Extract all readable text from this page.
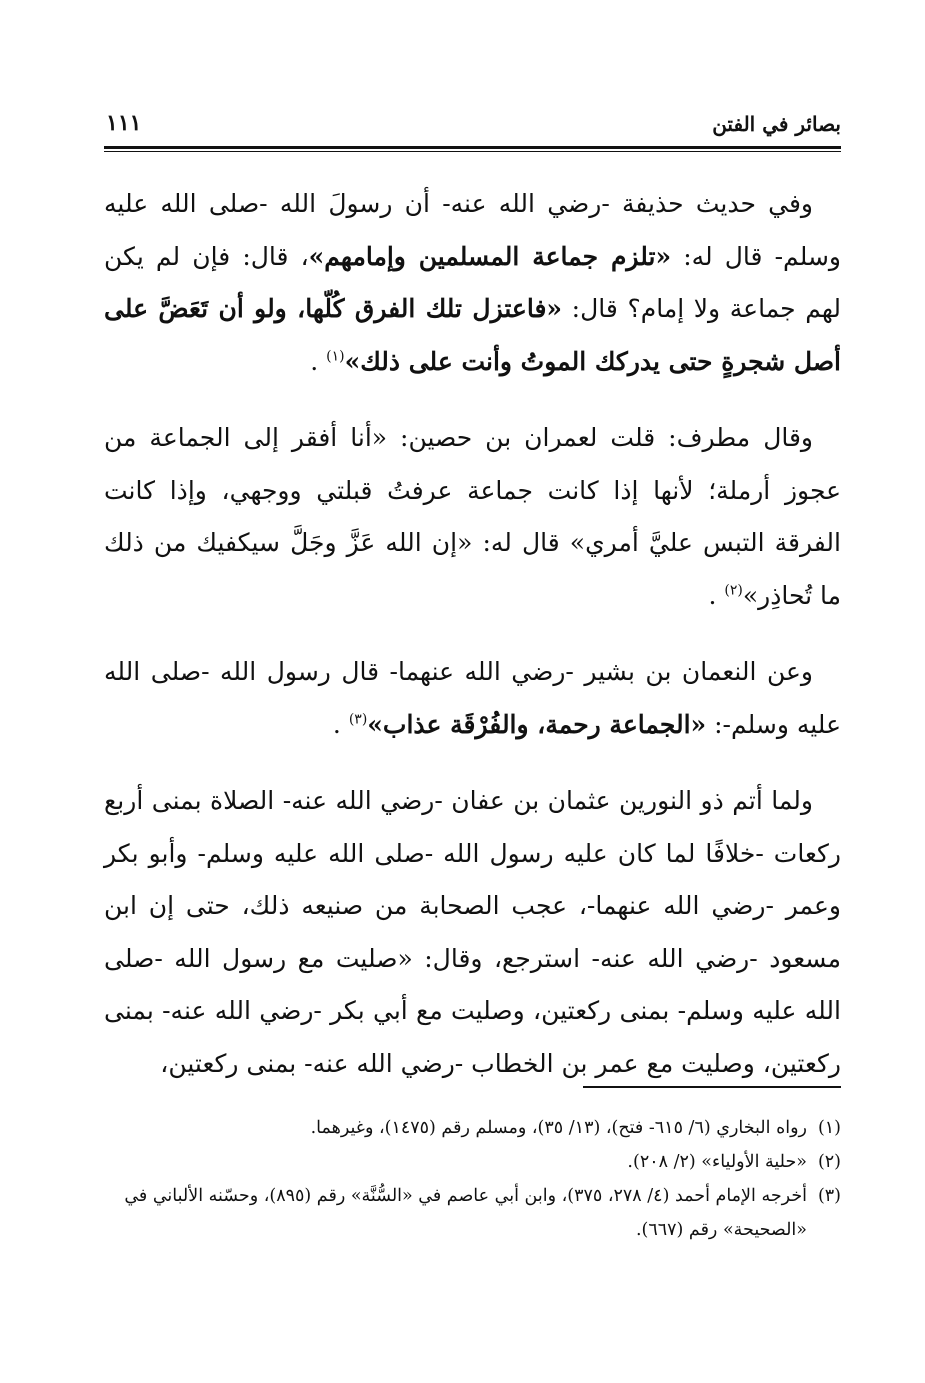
بصائر في الفتن
١١١

وفي حديث حذيفة -رضي الله عنه- أن رسولَ الله -صلى الله عليه وسلم- قال له: «تلزم جماعة المسلمين وإمامهم»، قال: فإن لم يكن لهم جماعة ولا إمام؟ قال: «فاعتزل تلك الفرق كُلّها، ولو أن تَعَضَّ على أصل شجرةٍ حتى يدركك الموتُ وأنت على ذلك»$^{(١)}$ .

وقال مطرف: قلت لعمران بن حصين: «أنا أفقر إلى الجماعة من عجوز أرملة؛ لأنها إذا كانت جماعة عرفتُ قبلتي ووجهي، وإذا كانت الفرقة التبس عليَّ أمري» قال له: «إن الله عَزَّ وجَلَّ سيكفيك من ذلك ما تُحاذِر»$^{(٢)}$ .

وعن النعمان بن بشير -رضي الله عنهما- قال رسول الله -صلى الله عليه وسلم-: «الجماعة رحمة، والفُرْقَة عذاب»$^{(٣)}$ .

ولما أتم ذو النورين عثمان بن عفان -رضي الله عنه- الصلاة بمنى أربع ركعات -خلافًا لما كان عليه رسول الله -صلى الله عليه وسلم- وأبو بكر وعمر -رضي الله عنهما-، عجب الصحابة من صنيعه ذلك، حتى إن ابن مسعود -رضي الله عنه- استرجع، وقال: «صليت مع رسول الله -صلى الله عليه وسلم- بمنى ركعتين، وصليت مع أبي بكر -رضي الله عنه- بمنى ركعتين، وصليت مع عمر بن الخطاب -رضي الله عنه- بمنى ركعتين،

(١)
رواه البخاري (٦/ ٦١٥- فتح)، (١٣/ ٣٥)، ومسلم رقم (١٤٧٥)، وغيرهما.
(٢)
«حلية الأولياء» (٢/ ٢٠٨).
(٣)
أخرجه الإمام أحمد (٤/ ٢٧٨، ٣٧٥)، وابن أبي عاصم في «السُّنَّة» رقم (٨٩٥)، وحسّنه الألباني في «الصحيحة» رقم (٦٦٧).
